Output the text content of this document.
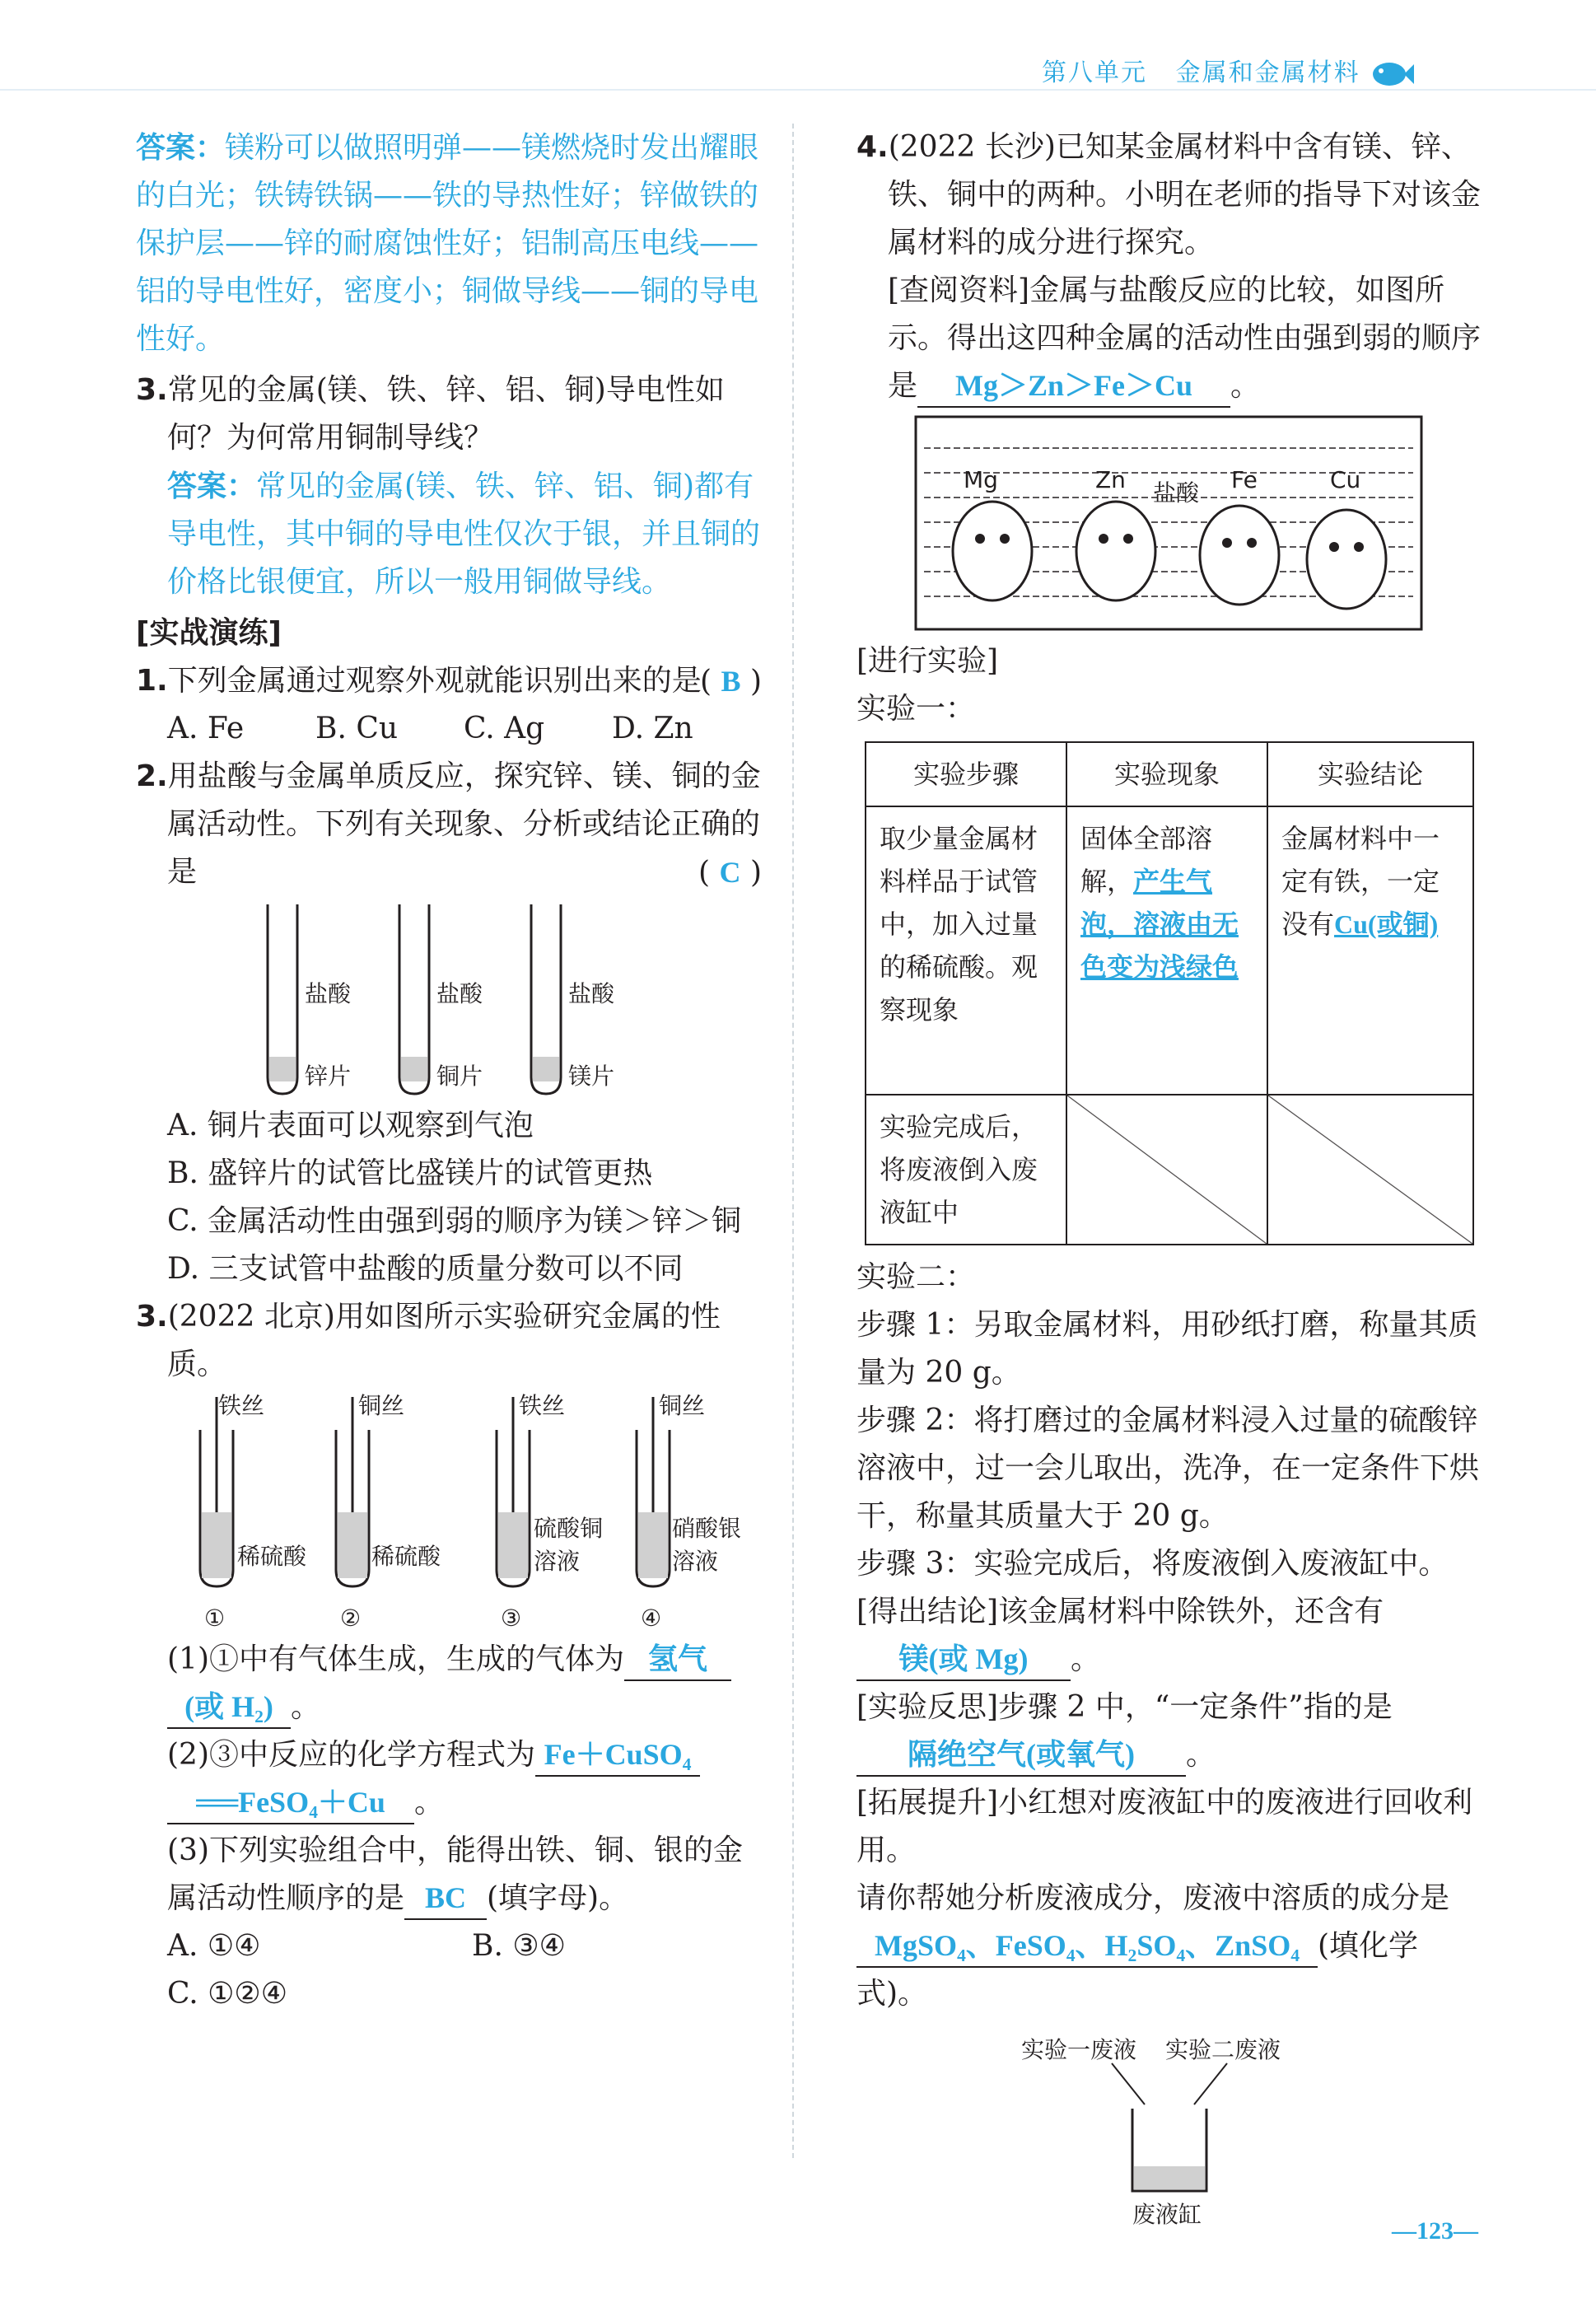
第八单元 金属和金属材料

答案：镁粉可以做照明弹——镁燃烧时发出耀眼的白光；铁铸铁锅——铁的导热性好；锌做铁的保护层——锌的耐腐蚀性好；铝制高压电线——铝的导电性好，密度小；铜做导线——铜的导电性好。

3.常见的金属(镁、铁、锌、铝、铜)导电性如何？为何常用铜制导线？

答案：常见的金属(镁、铁、锌、铝、铜)都有导电性，其中铜的导电性仅次于银，并且铜的价格比银便宜，所以一般用铜做导线。

[实战演练]

1.下列金属通过观察外观就能识别出来的是
( B )

A. Fe B. Cu C. Ag D. Zn

2.用盐酸与金属单质反应，探究锌、镁、铜的金属活动性。下列有关现象、分析或结论正确的是	( C )

盐酸
锌片
盐酸
铜片
盐酸
镁片

A. 铜片表面可以观察到气泡

B. 盛锌片的试管比盛镁片的试管更热

C. 金属活动性由强到弱的顺序为镁＞锌＞铜

D. 三支试管中盐酸的质量分数可以不同

3.(2022 北京)用如图所示实验研究金属的性质。

铁丝	铜丝	铁丝	铜丝
稀硫酸	稀硫酸
硫酸铜溶液
硝酸银溶液
①	②	③	④

(1)①中有气体生成，生成的气体为 氢气
(或 H₂) 。

(2)③中反应的化学方程式为 Fe＋CuSO₄
══FeSO₄＋Cu 。

(3)下列实验组合中，能得出铁、铜、银的金属活动性顺序的是 BC (填字母)。

A. ①④	B. ③④

C. ①②④

4.(2022 长沙)已知某金属材料中含有镁、锌、铁、铜中的两种。小明在老师的指导下对该金属材料的成分进行探究。

[查阅资料]金属与盐酸反应的比较，如图所示。得出这四种金属的活动性由强到弱的顺序是 Mg＞Zn＞Fe＞Cu 。

Mg	Zn 盐酸 Fe	Cu

[进行实验]

实验一：

实验步骤	实验现象	实验结论
取少量金属材料样品于试管中，加入过量的稀硫酸。观察现象	固体全部溶解，产生气泡，溶液由无色变为浅绿色	金属材料中一定有铁，一定没有Cu(或铜)
实验完成后，将废液倒入废液缸中		

实验二：

步骤 1：另取金属材料，用砂纸打磨，称量其质量为 20 g。

步骤 2：将打磨过的金属材料浸入过量的硫酸锌溶液中，过一会儿取出，洗净，在一定条件下烘干，称量其质量大于 20 g。

步骤 3：实验完成后，将废液倒入废液缸中。

[得出结论]该金属材料中除铁外，还含有
镁(或 Mg) 。

[实验反思]步骤 2 中，“一定条件”指的是
隔绝空气(或氧气) 。

[拓展提升]小红想对废液缸中的废液进行回收利用。

请你帮她分析废液成分，废液中溶质的成分是MgSO₄、FeSO₄、H₂SO₄、ZnSO₄ (填化学式)。

实验一废液 实验二废液
废液缸
—123—
